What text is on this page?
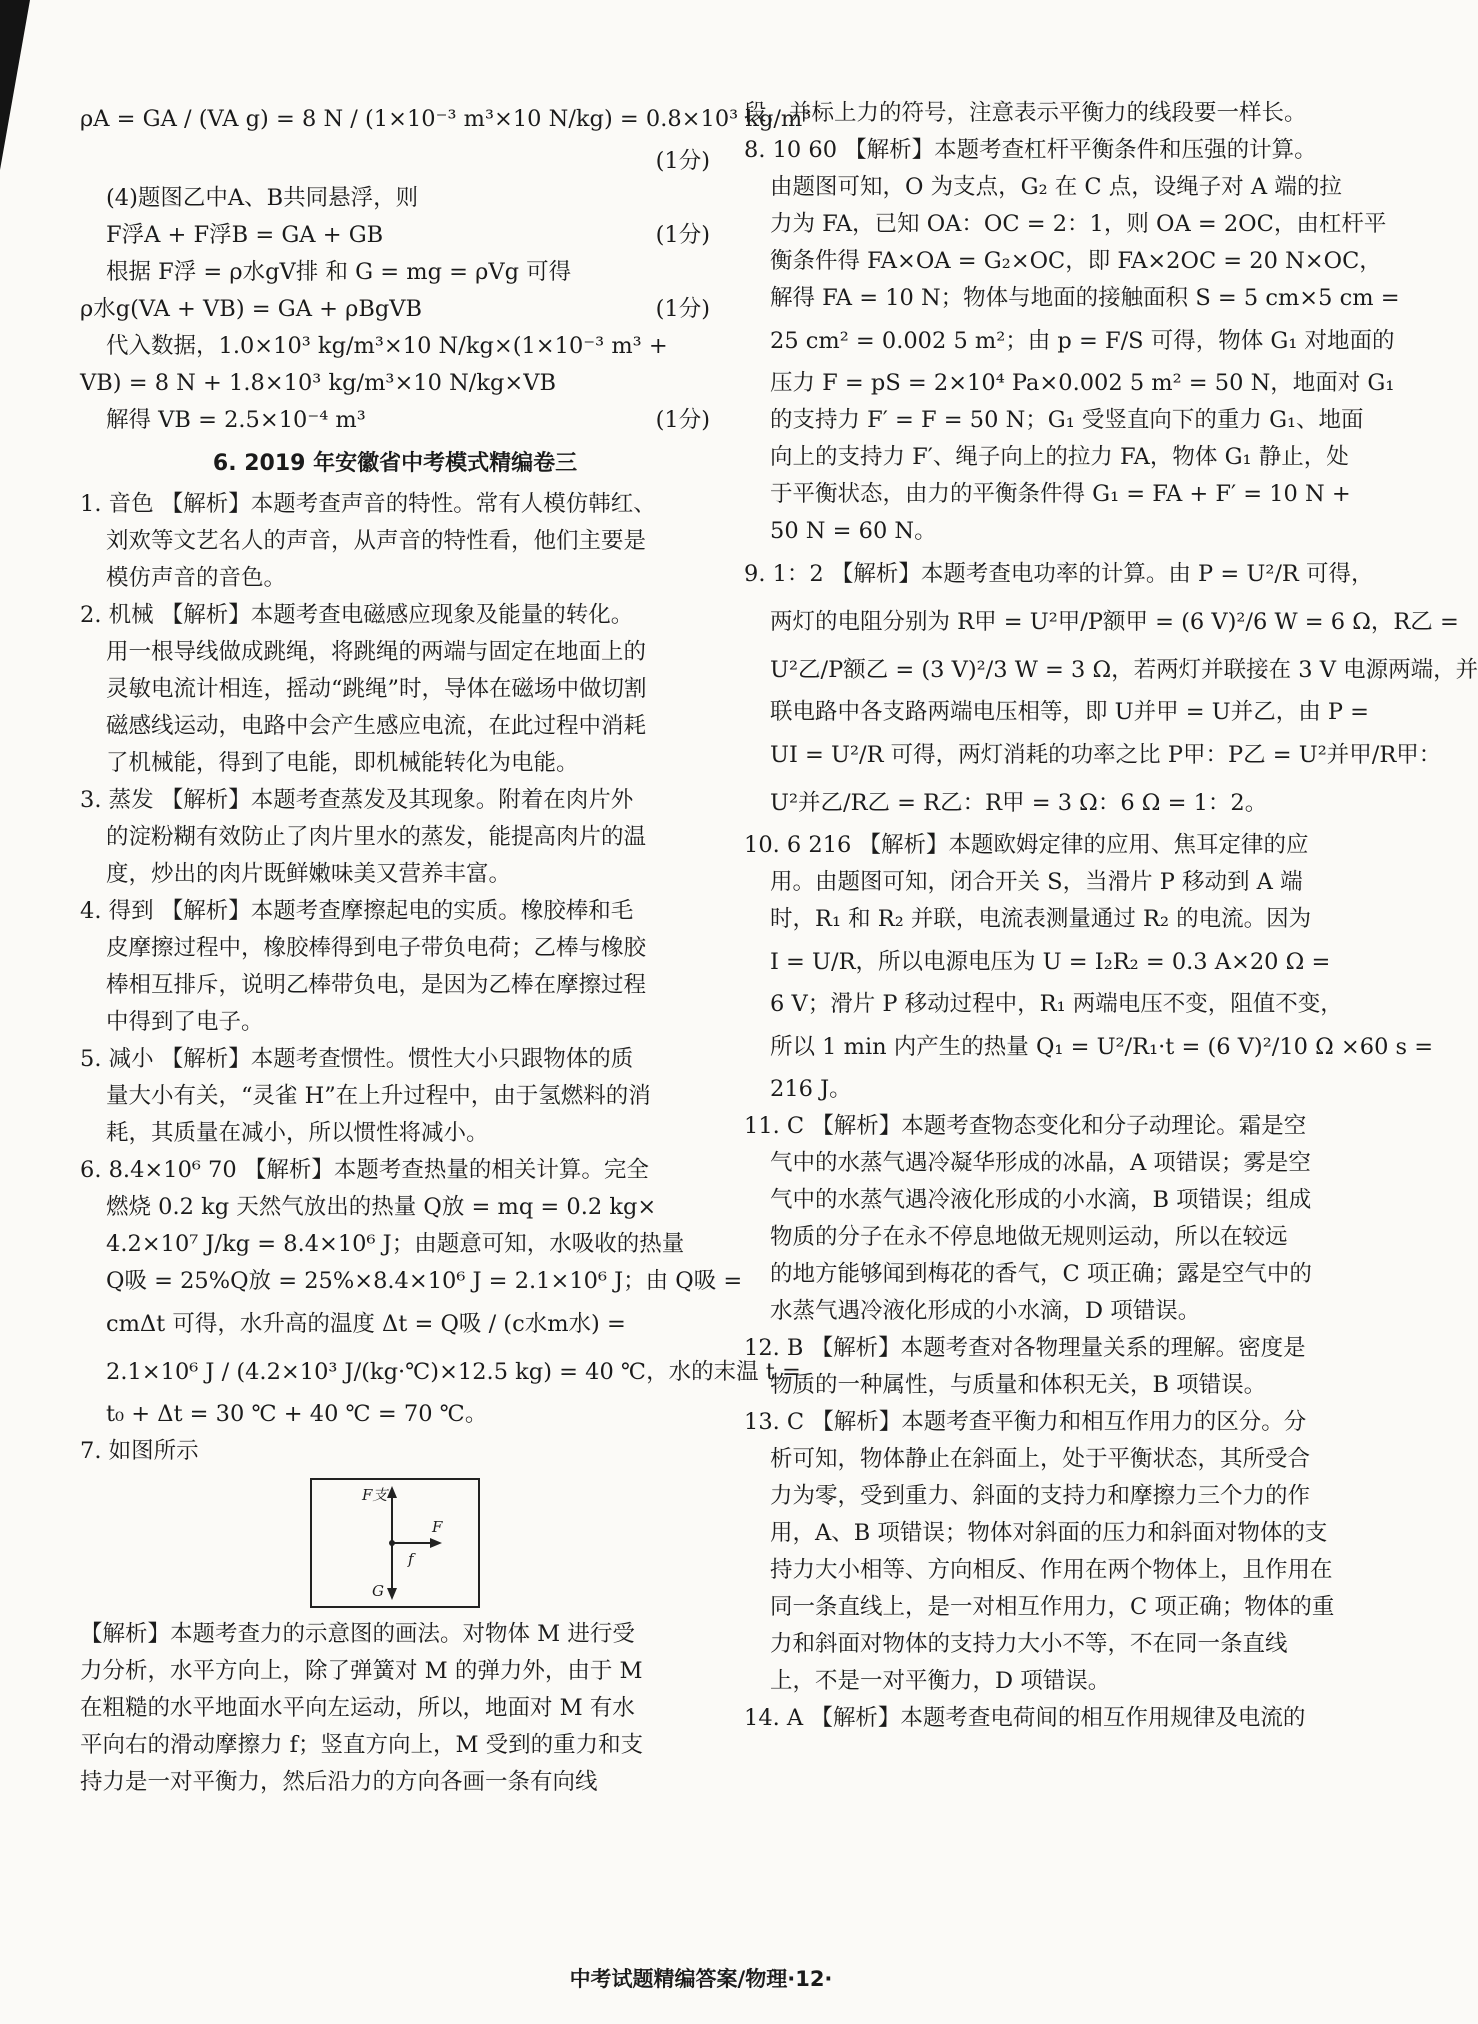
ρA = GA / (VA g) = 8 N / (1×10⁻³ m³×10 N/kg) = 0.8×10³ kg/m³
(1分)
(4)题图乙中A、B共同悬浮，则
F浮A + F浮B = GA + GB	(1分)
根据 F浮 = ρ水gV排 和 G = mg = ρVg 可得
ρ水g(VA + VB) = GA + ρBgVB	(1分)
代入数据，1.0×10³ kg/m³×10 N/kg×(1×10⁻³ m³ +
VB) = 8 N + 1.8×10³ kg/m³×10 N/kg×VB
解得 VB = 2.5×10⁻⁴ m³	(1分)
6. 2019 年安徽省中考模式精编卷三
1. 音色 【解析】本题考查声音的特性。常有人模仿韩红、
刘欢等文艺名人的声音，从声音的特性看，他们主要是
模仿声音的音色。
2. 机械 【解析】本题考查电磁感应现象及能量的转化。
用一根导线做成跳绳，将跳绳的两端与固定在地面上的
灵敏电流计相连，摇动“跳绳”时，导体在磁场中做切割
磁感线运动，电路中会产生感应电流，在此过程中消耗
了机械能，得到了电能，即机械能转化为电能。
3. 蒸发 【解析】本题考查蒸发及其现象。附着在肉片外
的淀粉糊有效防止了肉片里水的蒸发，能提高肉片的温
度，炒出的肉片既鲜嫩味美又营养丰富。
4. 得到 【解析】本题考查摩擦起电的实质。橡胶棒和毛
皮摩擦过程中，橡胶棒得到电子带负电荷；乙棒与橡胶
棒相互排斥，说明乙棒带负电，是因为乙棒在摩擦过程
中得到了电子。
5. 减小 【解析】本题考查惯性。惯性大小只跟物体的质
量大小有关，“灵雀 H”在上升过程中，由于氢燃料的消
耗，其质量在减小，所以惯性将减小。
6. 8.4×10⁶ 70 【解析】本题考查热量的相关计算。完全
燃烧 0.2 kg 天然气放出的热量 Q放 = mq = 0.2 kg×
4.2×10⁷ J/kg = 8.4×10⁶ J；由题意可知，水吸收的热量
Q吸 = 25%Q放 = 25%×8.4×10⁶ J = 2.1×10⁶ J；由 Q吸 =
cmΔt 可得，水升高的温度 Δt = Q吸 / (c水m水) =
2.1×10⁶ J / (4.2×10³ J/(kg·℃)×12.5 kg) = 40 ℃，水的末温 t =
t₀ + Δt = 30 ℃ + 40 ℃ = 70 ℃。
7. 如图所示
F支
F
f
G
【解析】本题考查力的示意图的画法。对物体 M 进行受
力分析，水平方向上，除了弹簧对 M 的弹力外，由于 M
在粗糙的水平地面水平向左运动，所以，地面对 M 有水
平向右的滑动摩擦力 f；竖直方向上，M 受到的重力和支
持力是一对平衡力，然后沿力的方向各画一条有向线
段，并标上力的符号，注意表示平衡力的线段要一样长。
8. 10 60 【解析】本题考查杠杆平衡条件和压强的计算。
由题图可知，O 为支点，G₂ 在 C 点，设绳子对 A 端的拉
力为 FA，已知 OA：OC = 2：1，则 OA = 2OC，由杠杆平
衡条件得 FA×OA = G₂×OC，即 FA×2OC = 20 N×OC，
解得 FA = 10 N；物体与地面的接触面积 S = 5 cm×5 cm =
25 cm² = 0.002 5 m²；由 p = F/S 可得，物体 G₁ 对地面的
压力 F = pS = 2×10⁴ Pa×0.002 5 m² = 50 N，地面对 G₁
的支持力 F′ = F = 50 N；G₁ 受竖直向下的重力 G₁、地面
向上的支持力 F′、绳子向上的拉力 FA，物体 G₁ 静止，处
于平衡状态，由力的平衡条件得 G₁ = FA + F′ = 10 N +
50 N = 60 N。
9. 1：2 【解析】本题考查电功率的计算。由 P = U²/R 可得，
两灯的电阻分别为 R甲 = U²甲/P额甲 = (6 V)²/6 W = 6 Ω，R乙 =
U²乙/P额乙 = (3 V)²/3 W = 3 Ω，若两灯并联接在 3 V 电源两端，并
联电路中各支路两端电压相等，即 U并甲 = U并乙，由 P =
UI = U²/R 可得，两灯消耗的功率之比 P甲：P乙 = U²并甲/R甲：
U²并乙/R乙 = R乙：R甲 = 3 Ω：6 Ω = 1：2。
10. 6 216 【解析】本题欧姆定律的应用、焦耳定律的应
用。由题图可知，闭合开关 S，当滑片 P 移动到 A 端
时，R₁ 和 R₂ 并联，电流表测量通过 R₂ 的电流。因为
I = U/R，所以电源电压为 U = I₂R₂ = 0.3 A×20 Ω =
6 V；滑片 P 移动过程中，R₁ 两端电压不变，阻值不变，
所以 1 min 内产生的热量 Q₁ = U²/R₁·t = (6 V)²/10 Ω ×60 s =
216 J。
11. C 【解析】本题考查物态变化和分子动理论。霜是空
气中的水蒸气遇冷凝华形成的冰晶，A 项错误；雾是空
气中的水蒸气遇冷液化形成的小水滴，B 项错误；组成
物质的分子在永不停息地做无规则运动，所以在较远
的地方能够闻到梅花的香气，C 项正确；露是空气中的
水蒸气遇冷液化形成的小水滴，D 项错误。
12. B 【解析】本题考查对各物理量关系的理解。密度是
物质的一种属性，与质量和体积无关，B 项错误。
13. C 【解析】本题考查平衡力和相互作用力的区分。分
析可知，物体静止在斜面上，处于平衡状态，其所受合
力为零，受到重力、斜面的支持力和摩擦力三个力的作
用，A、B 项错误；物体对斜面的压力和斜面对物体的支
持力大小相等、方向相反、作用在两个物体上，且作用在
同一条直线上，是一对相互作用力，C 项正确；物体的重
力和斜面对物体的支持力大小不等，不在同一条直线
上，不是一对平衡力，D 项错误。
14. A 【解析】本题考查电荷间的相互作用规律及电流的
中考试题精编答案/物理·12·
